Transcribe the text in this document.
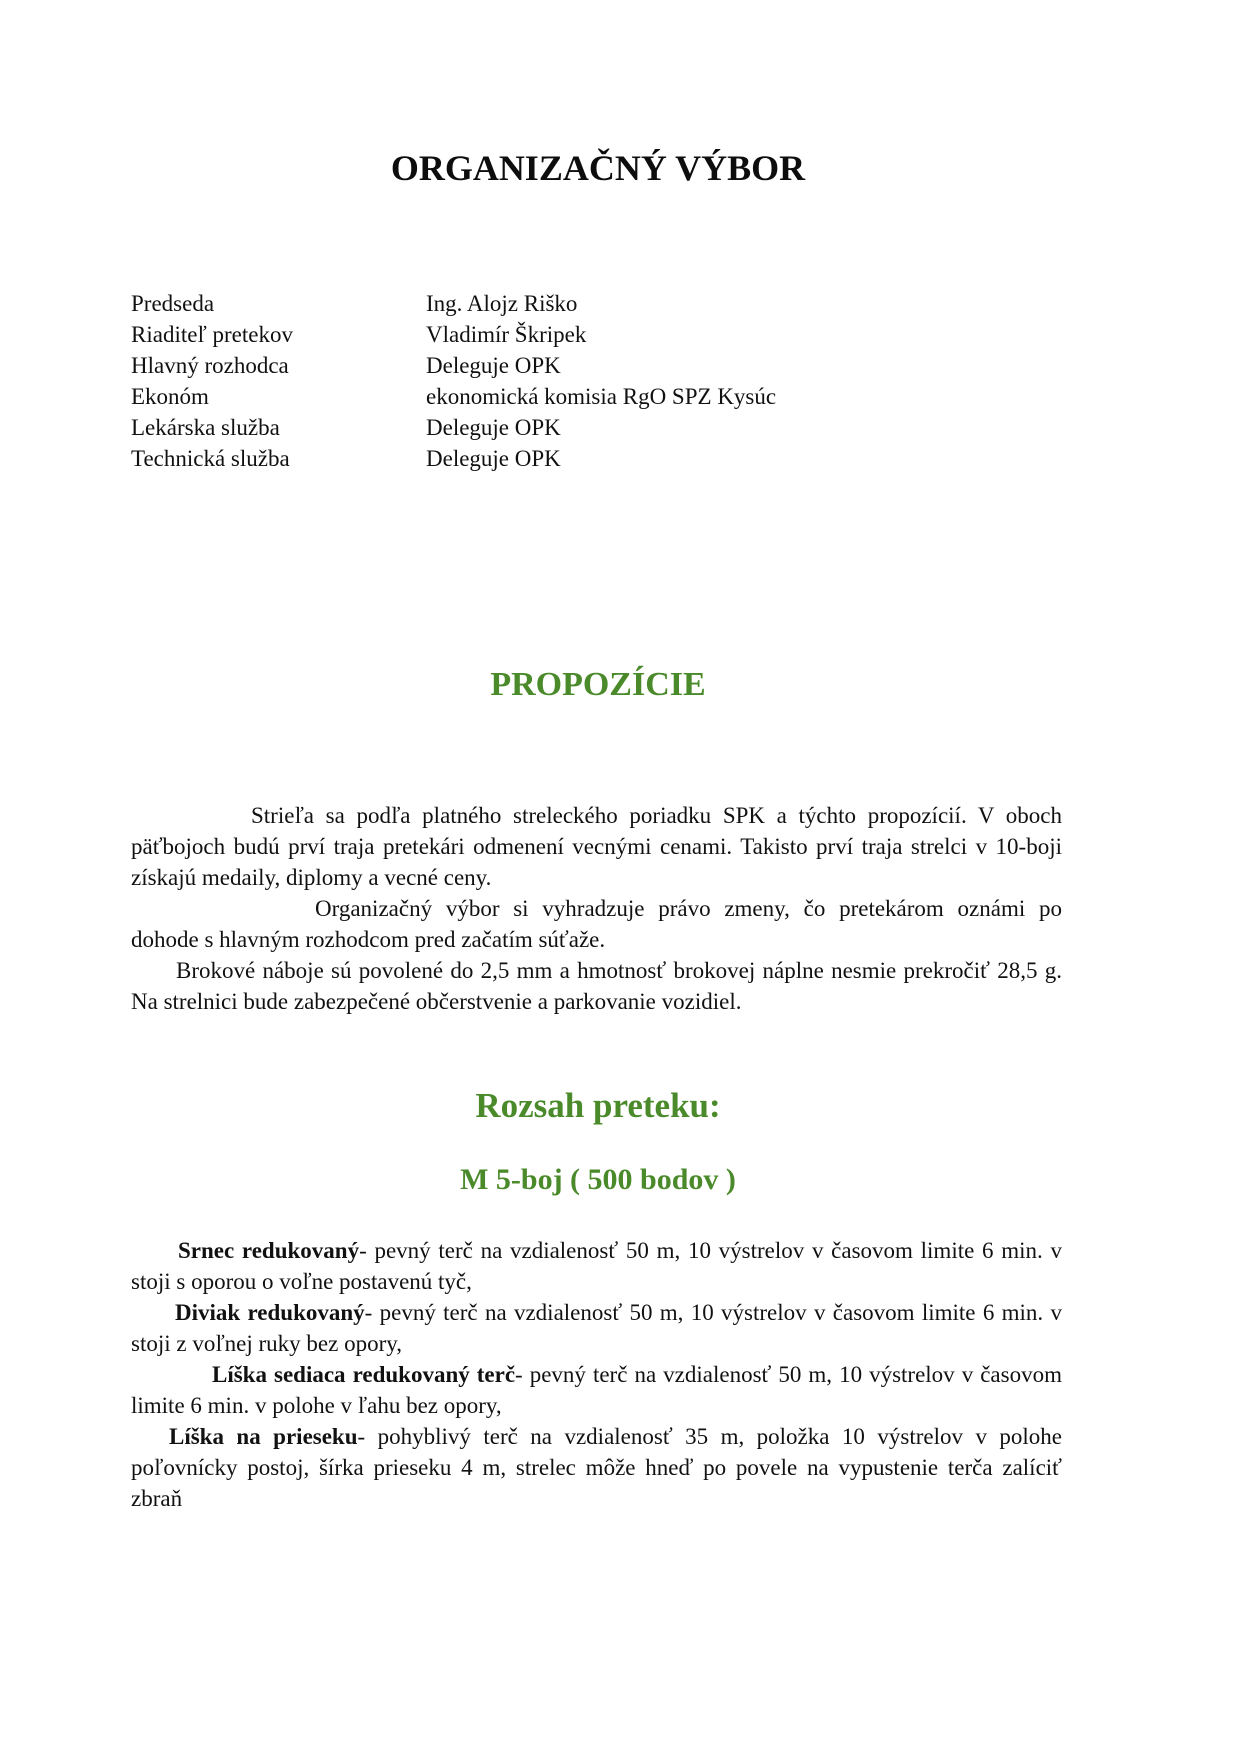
ORGANIZAČNÝ VÝBOR
Predseda	Ing. Alojz Riško
Riaditeľ pretekov	Vladimír Škripek
Hlavný rozhodca	Deleguje OPK
Ekonóm	ekonomická komisia RgO SPZ Kysúc
Lekárska služba	Deleguje OPK
Technická služba	Deleguje OPK
PROPOZÍCIE

Strieľa sa podľa platného streleckého poriadku SPK a týchto propozícií. V oboch päťbojoch budú prví traja pretekári odmenení vecnými cenami. Takisto prví traja strelci v 10-boji získajú medaily, diplomy a vecné ceny.

Organizačný výbor si vyhradzuje právo zmeny, čo pretekárom oznámi po dohode s hlavným rozhodcom pred začatím súťaže.

Brokové náboje sú povolené do 2,5 mm a hmotnosť brokovej náplne nesmie prekročiť 28,5 g. Na strelnici bude zabezpečené občerstvenie a parkovanie vozidiel.

Rozsah preteku:
M 5-boj ( 500 bodov )

Srnec redukovaný- pevný terč na vzdialenosť 50 m, 10 výstrelov v časovom limite 6 min. v stoji s oporou o voľne postavenú tyč,

Diviak redukovaný- pevný terč na vzdialenosť 50 m, 10 výstrelov v časovom limite 6 min. v stoji z voľnej ruky bez opory,

Líška sediaca redukovaný terč- pevný terč na vzdialenosť 50 m, 10 výstrelov v časovom limite 6 min. v polohe v ľahu bez opory,

Líška na prieseku- pohyblivý terč na vzdialenosť 35 m, položka 10 výstrelov v polohe poľovnícky postoj, šírka prieseku 4 m, strelec môže hneď po povele na vypustenie terča zalíciť zbraň
